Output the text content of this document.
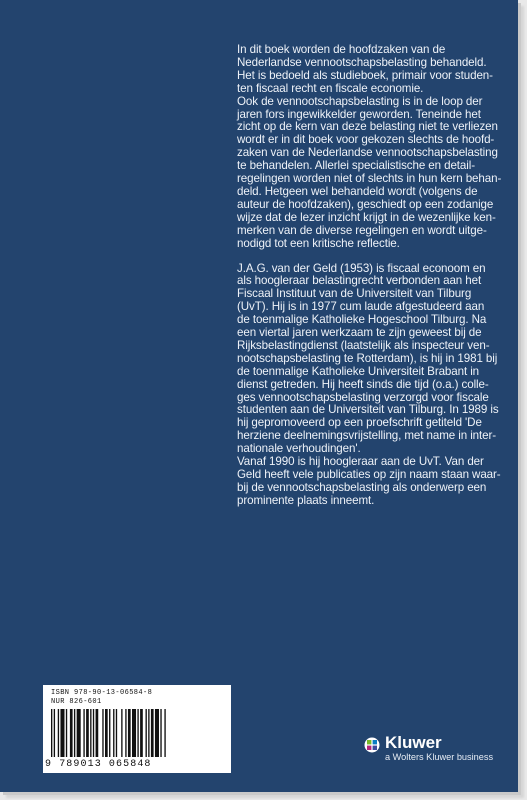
In dit boek worden de hoofdzaken van de

Nederlandse vennootschapsbelasting behandeld.

Het is bedoeld als studieboek, primair voor studen-

ten fiscaal recht en fiscale economie.

Ook de vennootschapsbelasting is in de loop der

jaren fors ingewikkelder geworden. Teneinde het

zicht op de kern van deze belasting niet te verliezen

wordt er in dit boek voor gekozen slechts de hoofd-

zaken van de Nederlandse vennootschapsbelasting

te behandelen. Allerlei specialistische en detail-

regelingen worden niet of slechts in hun kern behan-

deld. Hetgeen wel behandeld wordt (volgens de

auteur de hoofdzaken), geschiedt op een zodanige

wijze dat de lezer inzicht krijgt in de wezenlijke ken-

merken van de diverse regelingen en wordt uitge-

nodigd tot een kritische reflectie.

J.A.G. van der Geld (1953) is fiscaal econoom en

als hoogleraar belastingrecht verbonden aan het

Fiscaal Instituut van de Universiteit van Tilburg

(UvT). Hij is in 1977 cum laude afgestudeerd aan

de toenmalige Katholieke Hogeschool Tilburg. Na

een viertal jaren werkzaam te zijn geweest bij de

Rijksbelastingdienst (laatstelijk als inspecteur ven-

nootschapsbelasting te Rotterdam), is hij in 1981 bij

de toenmalige Katholieke Universiteit Brabant in

dienst getreden. Hij heeft sinds die tijd (o.a.) colle-

ges vennootschapsbelasting verzorgd voor fiscale

studenten aan de Universiteit van Tilburg. In 1989 is

hij gepromoveerd op een proefschrift getiteld 'De

herziene deelnemingsvrijstelling, met name in inter-

nationale verhoudingen'.

Vanaf 1990 is hij hoogleraar aan de UvT. Van der

Geld heeft vele publicaties op zijn naam staan waar-

bij de vennootschapsbelasting als onderwerp een

prominente plaats inneemt.

ISBN 978-90-13-06584-8
NUR 826-601
9 789013 065848
Kluwer
a Wolters Kluwer business
